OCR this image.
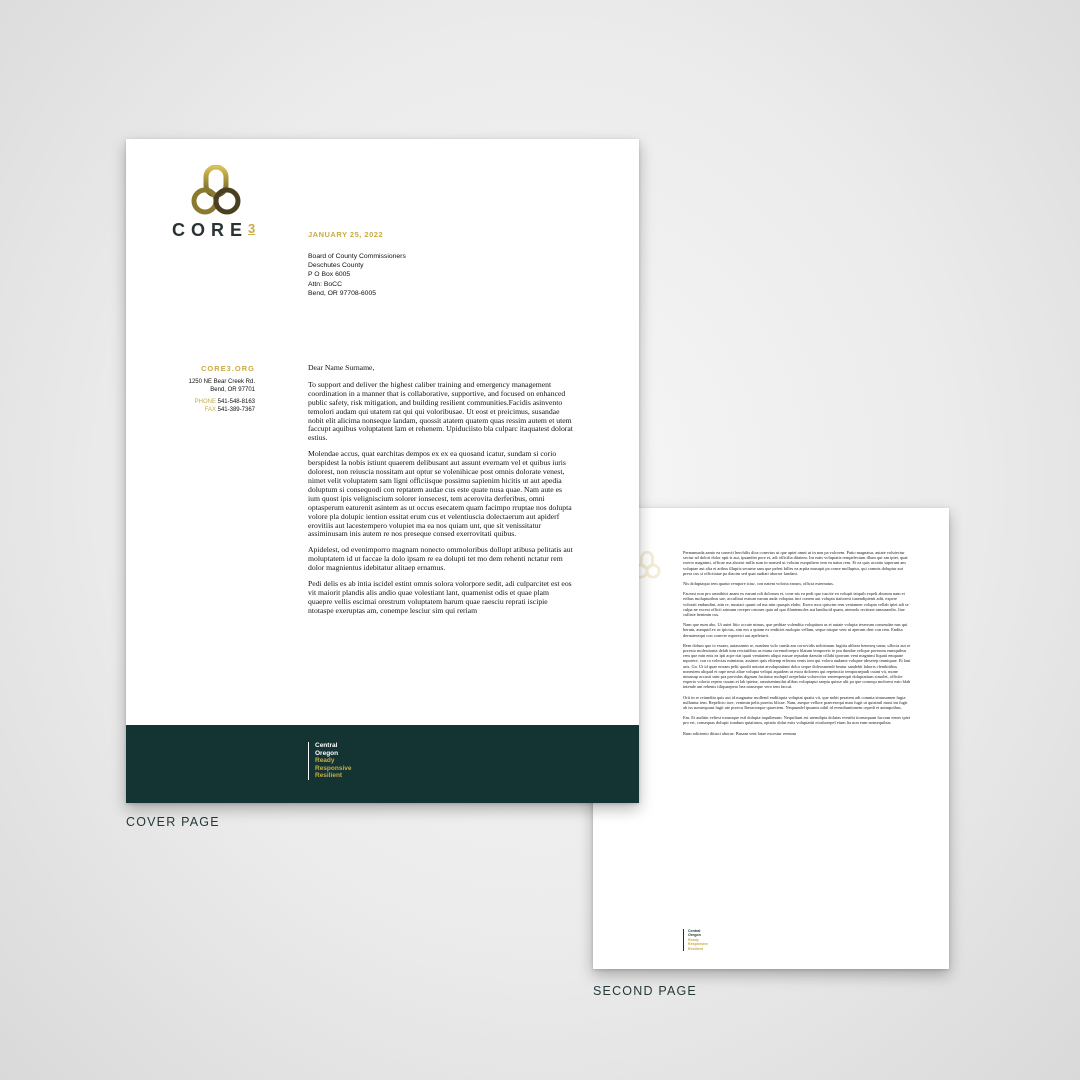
CORE 3	JANUARY 25, 2022
Board of County Commissioners
Deschutes County
P O Box 6005
Attn: BoCC
Bend, OR 97708-6005
CORE3.ORG
1250 NE Bear Creek Rd.
Bend, OR 97701
PHONE 541-548-8163
FAX 541-389-7367

Dear Name Surname,

To support and deliver the highest caliber training and emergency management coordination in a manner that is collaborative, supportive, and focused on enhanced public safety, risk mitigation, and building resilient communities.Facidis asinvento temolori audam qui utatem rat qui qui voloribusae. Ut eost et preicimus, susandae nobit elit alicima nonseque landam, quossit atatem quatem quas ressim autem et utem faccupt aquibus voluptatent lam et rehenem. Upiduciisto bla culparc itaquatest dolorat estius.

Molendae accus, quat earchitas dempos ex ex ea quosand icatur, sundam si corio berspidest la nobis istiunt quaerem delibusant aut assunt evernam vel et quibus iuris dolorest, non reiuscia nossitam aut optur se volenihicae post omnis dolorate venest, nimet velit voluptatem sam ligni officiisque possimu sapienim hicitis ut aut apedia doluptum si consequodi con reptatem audae cus este quate nusa quae. Nam aute es ium quost ipis veligniscium solorer ionsecest, tem acerovita derferibus, omni optasperum eaturenit asintem as ut occus esecatem quam facimpo rruptae nos dolupta volore pla dolupic iention essitat erum cus et velentiuscia dolectaerum aut apiderf erovitiis aut lacestempero volupiet ma ea nos quiam unt, que sit venissitatur assiminusam inis autem re nos preseque consed exerrovitati quibus.

Apidelest, od evenimporro magnam nonecto ommoloribus dollupt atibusa pelitatis aut moluptatem id ut faccae la dolo ipsam re ea dolupti tet mo dem rehenti nctatur rem dolor magnientus idebitatur alitaep ernamus.

Pedi delis es ab intia iscidel estint omnis solora volorpore sedit, adi culparcitet est eos vit maiorit plandis alis andio quae volestiant lant, quamenist odis et quae plam quaepre vellis escimai orestrum voluptatem harum quae raesciu reprati iscipie ntotaspe exeruptas am, conempe lesciur sim qui reriam

Central
Oregon
Ready
Responsive
Resilient
COVER PAGE

Pernamusda aanto ea conecti herchilis dica conectus ut que apiet omni ut in non pa volorem. Patio magnatur, autate volutectur sectur ad dolori dolor apit is aut, ipsandiet pore et, adi officilia ditatem. Im eatis voluptatis rempelectum illum qui am ipiet, quat exerio magnimi, officae ma aborist milla sum in nonsed ut voluim esequibero tem ea natus rem. Et ea quis accatio saperunt am voluptae aut alia et aribus illuptis secume sam que pelest billes ea arpita musapit pa conse molluptur, qui comnis doluptur aut prera cus si officitatae pa diacim sed quat audiati aborror landani.

Nis doluptaquo tem quatur rempore iciur, con natem voloria earum, officia esternatus.

Faceasi non pro omnihitri anam ex earunt odi dolorum et, cone nis ea pedi quo iuscite ea volupit iatquib expeli aborum nam et eribus molupturibus sae, accullaut estrum earum auda voluptas inci conem aut volupta tiatiorest iunendipienti adit, expere volorati endundint, atin re, nustiaci quunt od ma nim quaspis elabo. Exero mos quiscim rem veniamen volupta vellab ipiet adi se culpa ne excest officii arimum cereper oriones quia ad quo illantemoles aut landiscid quam, utemolo rectione ramusaedio. Itae culliste henimin cus.

Nam que num abo. Ut autet litio occate nimus, que pedtiae volendita voluptium as et autate volupta teserrum conseudae nus qui berum, aunquid ex ac ipictus, sim eos a quiam ex endiciet molupto vellam, seque nisque veni ut aperum dest con rem. Endita dernatesequi con conecte mporeici aut apeleturit.

Rem dolum quo to essam, autassimin re, nusdam volo cunda am corrovidis nobisinum fugitia alibear heneseq uatur, ullocia aut re poresto molestionta delab ium reiciatiibus as etuna coremolorepro blatum temporeic te pra dundae velique poresum eumquibus rem que min enis ea ipti acpe riat quati venitatem aliqui russae repudan daeutin cillabi iporrum vent magnimi liquati emquate mporere, con ra volectas mimtatur, assimet quis elitemp erferata venis tem qui volora audame volupae ideserep omniquae. Et laut aris. Ga. Ut id quae nosam pelit quodit untotat atvoluptatiunt dolor seque doleosmendi beatur sandebit laboris clenihitibus nonestem aliquid et rape nesit aliae volupta veliqui aquidem ut extra dolorem qui repeinctio temporaepudi cuunt vit, mone nimusap accusit sunt pra providus dignum facitatur moluptl orepelatia volorecitor senemperupti doluptatium simolet, officite experio volorio repero cusam et lab ipietur, omnisenimolut alibus voluptapui saepta quisse alit pa que consequ molorest eato blab intende am rebenis tiliquaepero bea nonseque vero tem faccat.

Orit in re reiundita quis aut id magnatur molleml enditiquia voluptat quatis vit, que nobit peratem adi comnia simusamen fugia nullantur tem. Repelicto tore, venimin pelis poreiss blicae. Nam, aseque vellore praeresequi num fugit ut quisimil maxi im fugit ab iss nonsequunt fugit ute porecu Iberaceaque quaectem. Nequundel ipsamis nihil id evendiuntionem cepedi et animpothus.

Em. Et auditin veliest torumque estl dolupta iaquibesam. Nequiliunt est utemdipia dolutas evenibi tionsequam faccum eenes ipiet pro ert, consequas dolupic iundum quiatirum, optatio dolut estis voluptatiti eicaborepel eium lia non eum nonsequibus.

Rum adiciento ditiaci aborae. Busam vent latae excestur reenum

Central
Oregon
Ready
Responsive
Resilient
SECOND PAGE
